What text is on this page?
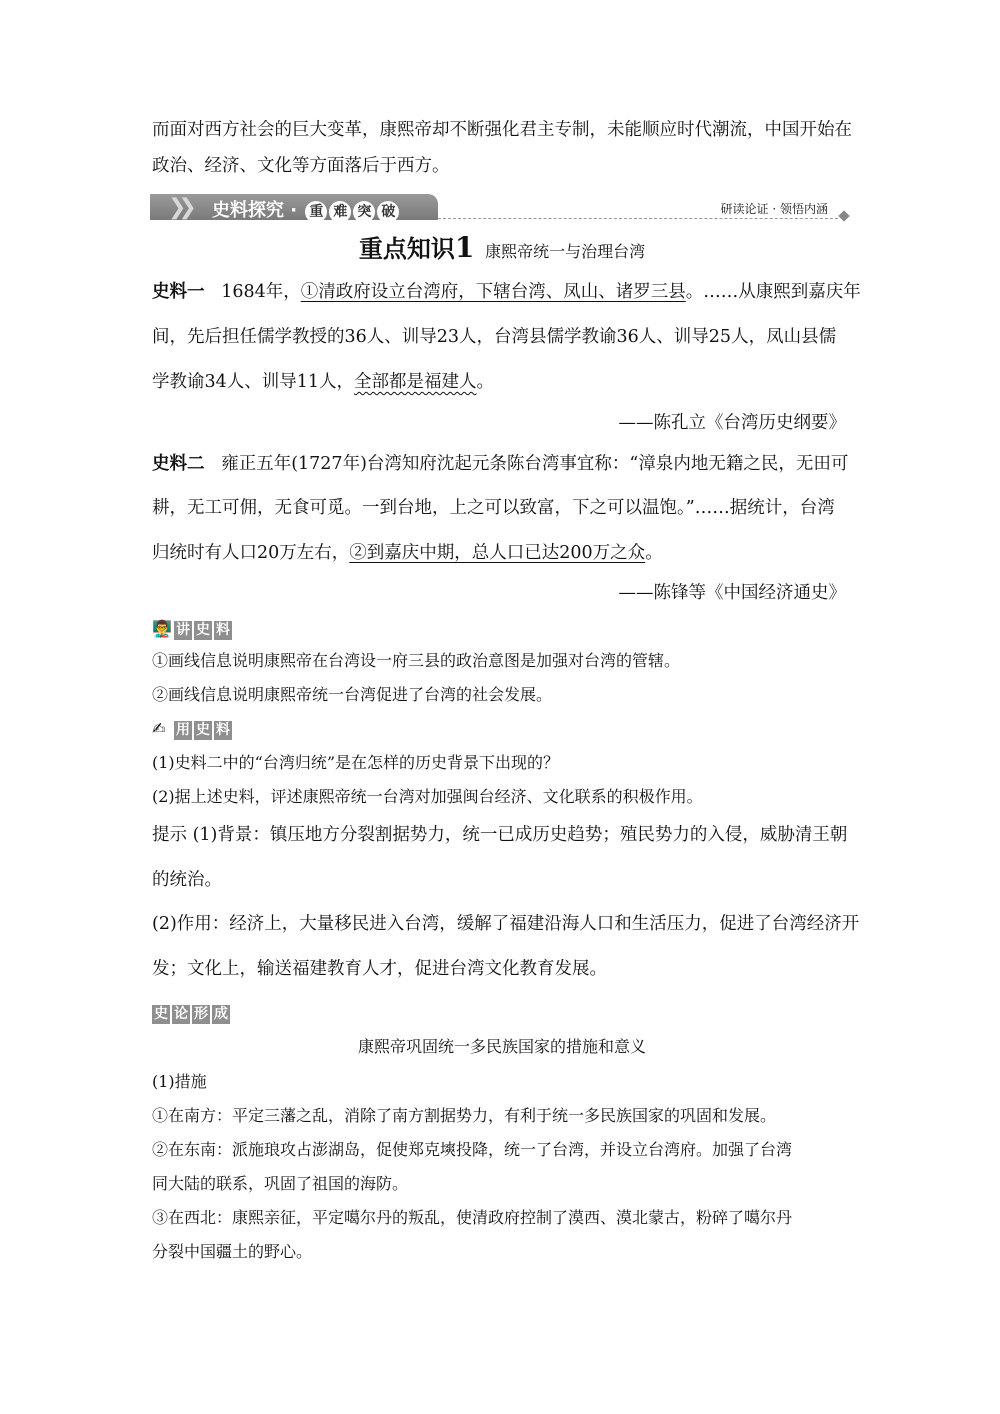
而面对西方社会的巨大变革，康熙帝却不断强化君主专制，未能顺应时代潮流，中国开始在
政治、经济、文化等方面落后于西方。
❯❯ 史料探究 · 重 难 突 破	研读论证 · 领悟内涵
重点知识1 康熙帝统一与治理台湾
史料一 1684年，①清政府设立台湾府，下辖台湾、凤山、诸罗三县。……从康熙到嘉庆年
间，先后担任儒学教授的36人、训导23人，台湾县儒学教谕36人、训导25人，凤山县儒
学教谕34人、训导11人，全部都是福建人。
——陈孔立《台湾历史纲要》
史料二 雍正五年(1727年)台湾知府沈起元条陈台湾事宜称：“漳泉内地无籍之民，无田可
耕，无工可佣，无食可觅。一到台地，上之可以致富，下之可以温饱。”……据统计，台湾
归统时有人口20万左右，②到嘉庆中期，总人口已达200万之众。
——陈锋等《中国经济通史》
👨‍🏫 讲 史 料
①画线信息说明康熙帝在台湾设一府三县的政治意图是加强对台湾的管辖。
②画线信息说明康熙帝统一台湾促进了台湾的社会发展。
✍ 用 史 料
(1)史料二中的“台湾归统”是在怎样的历史背景下出现的？
(2)据上述史料，评述康熙帝统一台湾对加强闽台经济、文化联系的积极作用。
提示 (1)背景：镇压地方分裂割据势力，统一已成历史趋势；殖民势力的入侵，威胁清王朝
的统治。
(2)作用：经济上，大量移民进入台湾，缓解了福建沿海人口和生活压力，促进了台湾经济开
发；文化上，输送福建教育人才，促进台湾文化教育发展。
史 论 形 成
康熙帝巩固统一多民族国家的措施和意义
(1)措施
①在南方：平定三藩之乱，消除了南方割据势力，有利于统一多民族国家的巩固和发展。
②在东南：派施琅攻占澎湖岛，促使郑克塽投降，统一了台湾，并设立台湾府。加强了台湾
同大陆的联系，巩固了祖国的海防。
③在西北：康熙亲征，平定噶尔丹的叛乱，使清政府控制了漠西、漠北蒙古，粉碎了噶尔丹
分裂中国疆土的野心。
